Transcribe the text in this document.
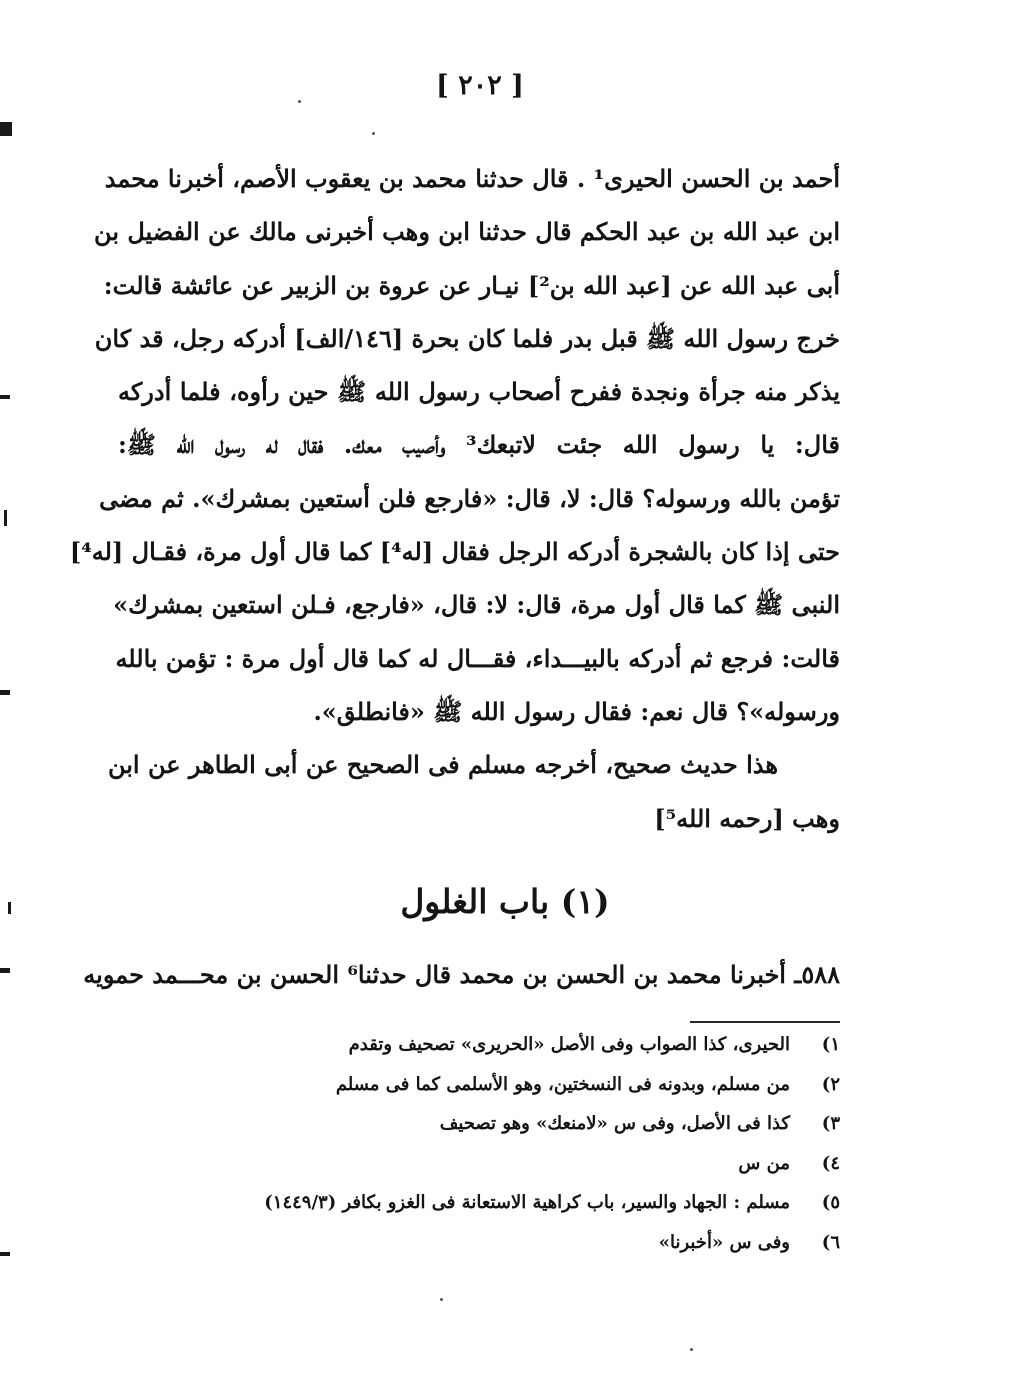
[ ٢٠٢ ]
أحمد بن الحسن الحيرى¹ . قال حدثنا محمد بن يعقوب الأصم، أخبرنا محمد
ابن عبد الله بن عبد الحكم قال حدثنا ابن وهب أخبرنى مالك عن الفضيل بن
أبى عبد الله عن [عبد الله بن²] نيـار عن عروة بن الزبير عن عائشة قالت:
خرج رسول الله ﷺ قبل بدر فلما كان بحرة [١٤٦/الف] أدركه رجل، قد كان
يذكر منه جرأة ونجدة ففرح أصحاب رسول الله ﷺ حين رأوه، فلما أدركه
قال: يا رسول الله جئت لاتبعك³ وأصيب معك. فقال له رسول الله ﷺ:
تؤمن بالله ورسوله؟ قال: لا، قال: «فارجع فلن أستعين بمشرك». ثم مضى
حتى إذا كان بالشجرة أدركه الرجل فقال [له⁴] كما قال أول مرة، فقـال [له⁴]
النبى ﷺ كما قال أول مرة، قال: لا: قال، «فارجع، فـلن استعين بمشرك»
قالت: فرجع ثم أدركه بالبيـــداء، فقـــال له كما قال أول مرة : تؤمن بالله
ورسوله»؟ قال نعم: فقال رسول الله ﷺ «فانطلق».
هذا حديث صحيح، أخرجه مسلم فى الصحيح عن أبى الطاهر عن ابن
وهب [رحمه الله⁵]
(١) باب الغلول
٥٨٨ـ أخبرنا محمد بن الحسن بن محمد قال حدثنا⁶ الحسن بن محـــمد حمويه
١)
الحيرى، كذا الصواب وفى الأصل «الحريرى» تصحيف وتقدم
٢)
من مسلم، وبدونه فى النسختين، وهو الأسلمى كما فى مسلم
٣)
كذا فى الأصل، وفى س «لامنعك» وهو تصحيف
٤)
من س
٥)
مسلم : الجهاد والسير، باب كراهية الاستعانة فى الغزو بكافر (١٤٤٩/٣)
٦)
وفى س «أخبرنا»
